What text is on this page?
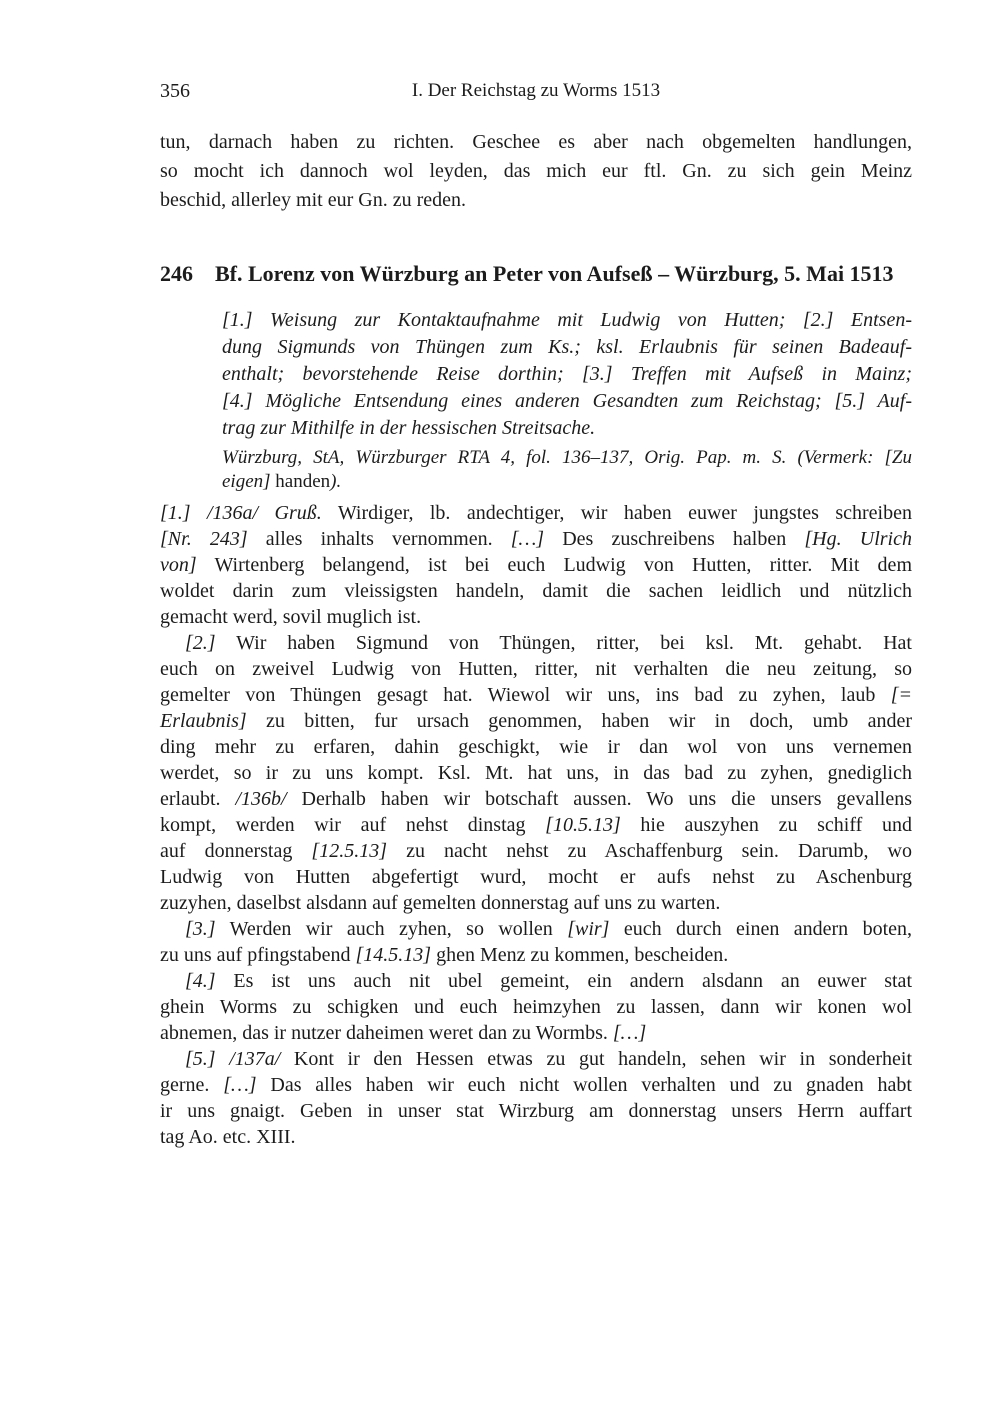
356	I. Der Reichstag zu Worms 1513
tun, darnach haben zu richten. Geschee es aber nach obgemelten handlungen,
so mocht ich dannoch wol leyden, das mich eur ftl. Gn. zu sich gein Meinz
beschid, allerley mit eur Gn. zu reden.
246	Bf. Lorenz von Würzburg an Peter von Aufseß – Würzburg, 5. Mai 1513
[1.] Weisung zur Kontaktaufnahme mit Ludwig von Hutten; [2.] Entsen-
dung Sigmunds von Thüngen zum Ks.; ksl. Erlaubnis für seinen Badeauf-
enthalt; bevorstehende Reise dorthin; [3.] Treffen mit Aufseß in Mainz;
[4.] Mögliche Entsendung eines anderen Gesandten zum Reichstag; [5.] Auf-
trag zur Mithilfe in der hessischen Streitsache.
Würzburg, StA, Würzburger RTA 4, fol. 136–137, Orig. Pap. m. S. (Vermerk: [Zu
eigen] handen).
[1.] /136a/ Gruß. Wirdiger, lb. andechtiger, wir haben euwer jungstes schreiben
[Nr. 243] alles inhalts vernommen. […] Des zuschreibens halben [Hg. Ulrich
von] Wirtenberg belangend, ist bei euch Ludwig von Hutten, ritter. Mit dem
woldet darin zum vleissigsten handeln, damit die sachen leidlich und nützlich
gemacht werd, sovil muglich ist.
[2.] Wir haben Sigmund von Thüngen, ritter, bei ksl. Mt. gehabt. Hat
euch on zweivel Ludwig von Hutten, ritter, nit verhalten die neu zeitung, so
gemelter von Thüngen gesagt hat. Wiewol wir uns, ins bad zu zyhen, laub [=
Erlaubnis] zu bitten, fur ursach genommen, haben wir in doch, umb ander
ding mehr zu erfaren, dahin geschigkt, wie ir dan wol von uns vernemen
werdet, so ir zu uns kompt. Ksl. Mt. hat uns, in das bad zu zyhen, gnediglich
erlaubt. /136b/ Derhalb haben wir botschaft aussen. Wo uns die unsers gevallens
kompt, werden wir auf nehst dinstag [10.5.13] hie auszyhen zu schiff und
auf donnerstag [12.5.13] zu nacht nehst zu Aschaffenburg sein. Darumb, wo
Ludwig von Hutten abgefertigt wurd, mocht er aufs nehst zu Aschenburg
zuzyhen, daselbst alsdann auf gemelten donnerstag auf uns zu warten.
[3.] Werden wir auch zyhen, so wollen [wir] euch durch einen andern boten,
zu uns auf pfingstabend [14.5.13] ghen Menz zu kommen, bescheiden.
[4.] Es ist uns auch nit ubel gemeint, ein andern alsdann an euwer stat
ghein Worms zu schigken und euch heimzyhen zu lassen, dann wir konen wol
abnemen, das ir nutzer daheimen weret dan zu Wormbs. […]
[5.] /137a/ Kont ir den Hessen etwas zu gut handeln, sehen wir in sonderheit
gerne. […] Das alles haben wir euch nicht wollen verhalten und zu gnaden habt
ir uns gnaigt. Geben in unser stat Wirzburg am donnerstag unsers Herrn auffart
tag Ao. etc. XIII.
